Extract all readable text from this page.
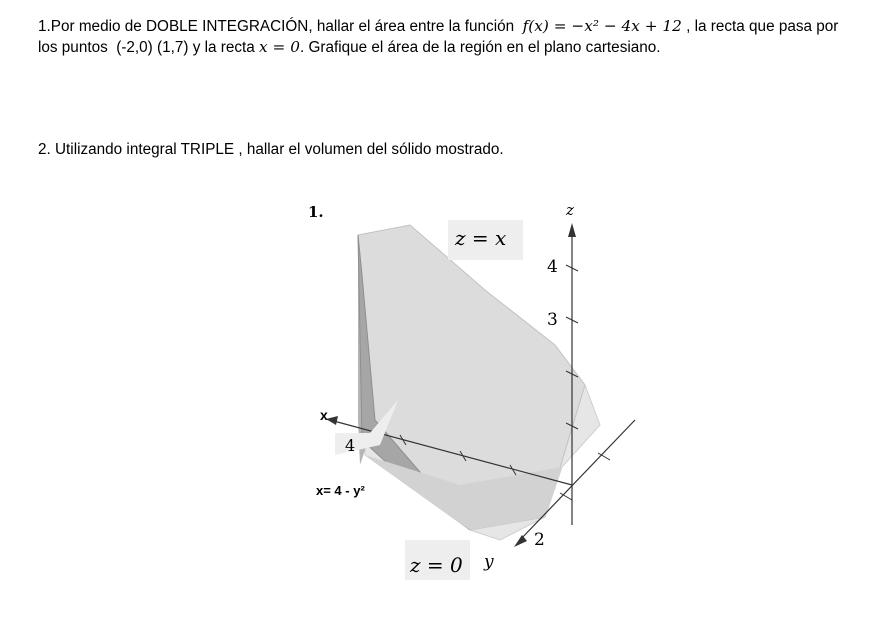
1.Por medio de DOBLE INTEGRACIÓN, hallar el área entre la función f(x) = −x² − 4x + 12 , la recta que pasa por los puntos (-2,0) (1,7) y la recta x = 0. Grafique el área de la región en el plano cartesiano.

2. Utilizando integral TRIPLE , hallar el volumen del sólido mostrado.

1.	z
z = x
4
3
x
4
x= 4 - y²
2
z = 0 y
